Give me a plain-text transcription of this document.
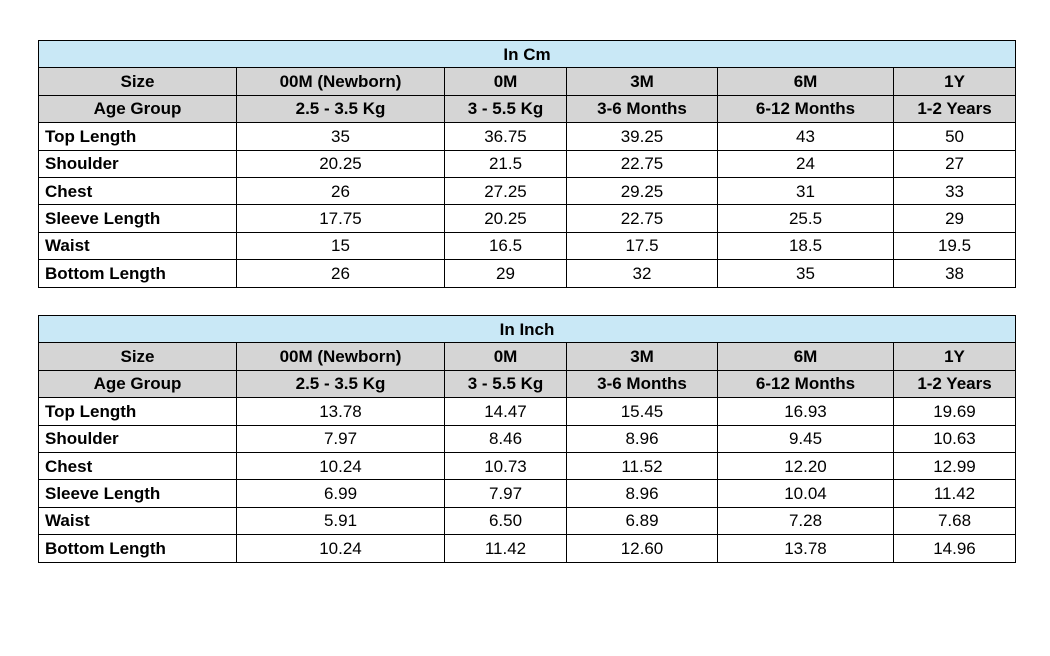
In Cm					
Size	00M (Newborn)	0M	3M	6M	1Y
Age Group	2.5 - 3.5 Kg	3 - 5.5 Kg	3-6 Months	6-12 Months	1-2 Years
Top Length	35	36.75	39.25	43	50
Shoulder	20.25	21.5	22.75	24	27
Chest	26	27.25	29.25	31	33
Sleeve Length	17.75	20.25	22.75	25.5	29
Waist	15	16.5	17.5	18.5	19.5
Bottom Length	26	29	32	35	38
In Inch					
Size	00M (Newborn)	0M	3M	6M	1Y
Age Group	2.5 - 3.5 Kg	3 - 5.5 Kg	3-6 Months	6-12 Months	1-2 Years
Top Length	13.78	14.47	15.45	16.93	19.69
Shoulder	7.97	8.46	8.96	9.45	10.63
Chest	10.24	10.73	11.52	12.20	12.99
Sleeve Length	6.99	7.97	8.96	10.04	11.42
Waist	5.91	6.50	6.89	7.28	7.68
Bottom Length	10.24	11.42	12.60	13.78	14.96
